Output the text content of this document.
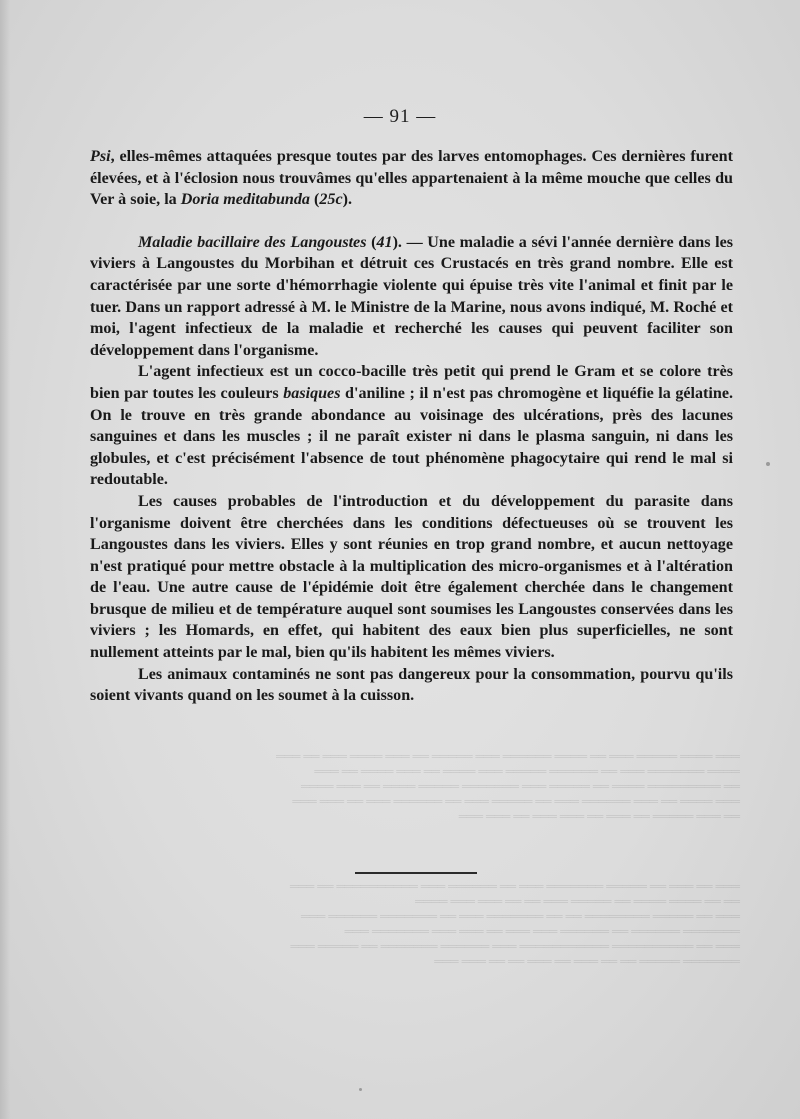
═══ ════ ═════ ═══ ══ ════ ══════ ═══ ═════ ══ ═══ ════ ═══ ══ ═══
════ ═══════ ═══ ══ ══════ ═════ ═══ ════ ══ ═══ ════ ══ ═══
══ ═════════ ════ ══ ═════ ═══ ═══════ ═════ ════ ══ ═══ ════
═══ ════ ══ ═══ ══════ ═══ ══ ═════ ═══ ══ ══════ ═══ ══ ═══ ═══
══ ═══ ═════ ══ ═══ ══ ═══ ═══ ══ ═══ ═══
═══ ══ ═══ ══ ═════ ═══════ ═══ ══ ══════ ═══ ══════════ ══ ═══
══ ══ ════ ════ ══ ═════ ═══ ══ ══ ═══ ═══ ════
═══ ══ ═════ ════════ ══ ══ ═══════ ═══ ══ ═══════ ══════ ═══
═══════ ══════ ══ ══════ ═══ ═══ ══ ═══ ═══ ═══════ ═══
═══ ══ ══════════ ═══════════ ═══ ══════ ═══════ ══ ═════ ═══
═══════ ═════ ══ ══ ═══ ══ ═══ ══ ══ ═══ ═══
— 91 —

Psi, elles-mêmes attaquées presque toutes par des larves entomophages. Ces dernières furent élevées, et à l'éclosion nous trouvâmes qu'elles appartenaient à la même mouche que celles du Ver à soie, la Doria meditabunda (25c).

Maladie bacillaire des Langoustes (41). — Une maladie a sévi l'année dernière dans les viviers à Langoustes du Morbihan et détruit ces Crustacés en très grand nombre. Elle est caractérisée par une sorte d'hémorrhagie violente qui épuise très vite l'animal et finit par le tuer. Dans un rapport adressé à M. le Ministre de la Marine, nous avons indiqué, M. Roché et moi, l'agent infectieux de la maladie et recherché les causes qui peuvent faciliter son développement dans l'organisme.

L'agent infectieux est un cocco-bacille très petit qui prend le Gram et se colore très bien par toutes les couleurs basiques d'aniline ; il n'est pas chromogène et liquéfie la gélatine. On le trouve en très grande abondance au voisinage des ulcérations, près des lacunes sanguines et dans les muscles ; il ne paraît exister ni dans le plasma sanguin, ni dans les globules, et c'est précisément l'absence de tout phénomène phagocytaire qui rend le mal si redoutable.

Les causes probables de l'introduction et du développement du parasite dans l'organisme doivent être cherchées dans les conditions défectueuses où se trouvent les Langoustes dans les viviers. Elles y sont réunies en trop grand nombre, et aucun nettoyage n'est pratiqué pour mettre obstacle à la multiplication des micro-organismes et à l'altération de l'eau. Une autre cause de l'épidémie doit être également cherchée dans le changement brusque de milieu et de température auquel sont soumises les Langoustes conservées dans les viviers ; les Homards, en effet, qui habitent des eaux bien plus superficielles, ne sont nullement atteints par le mal, bien qu'ils habitent les mêmes viviers.

Les animaux contaminés ne sont pas dangereux pour la consommation, pourvu qu'ils soient vivants quand on les soumet à la cuisson.
